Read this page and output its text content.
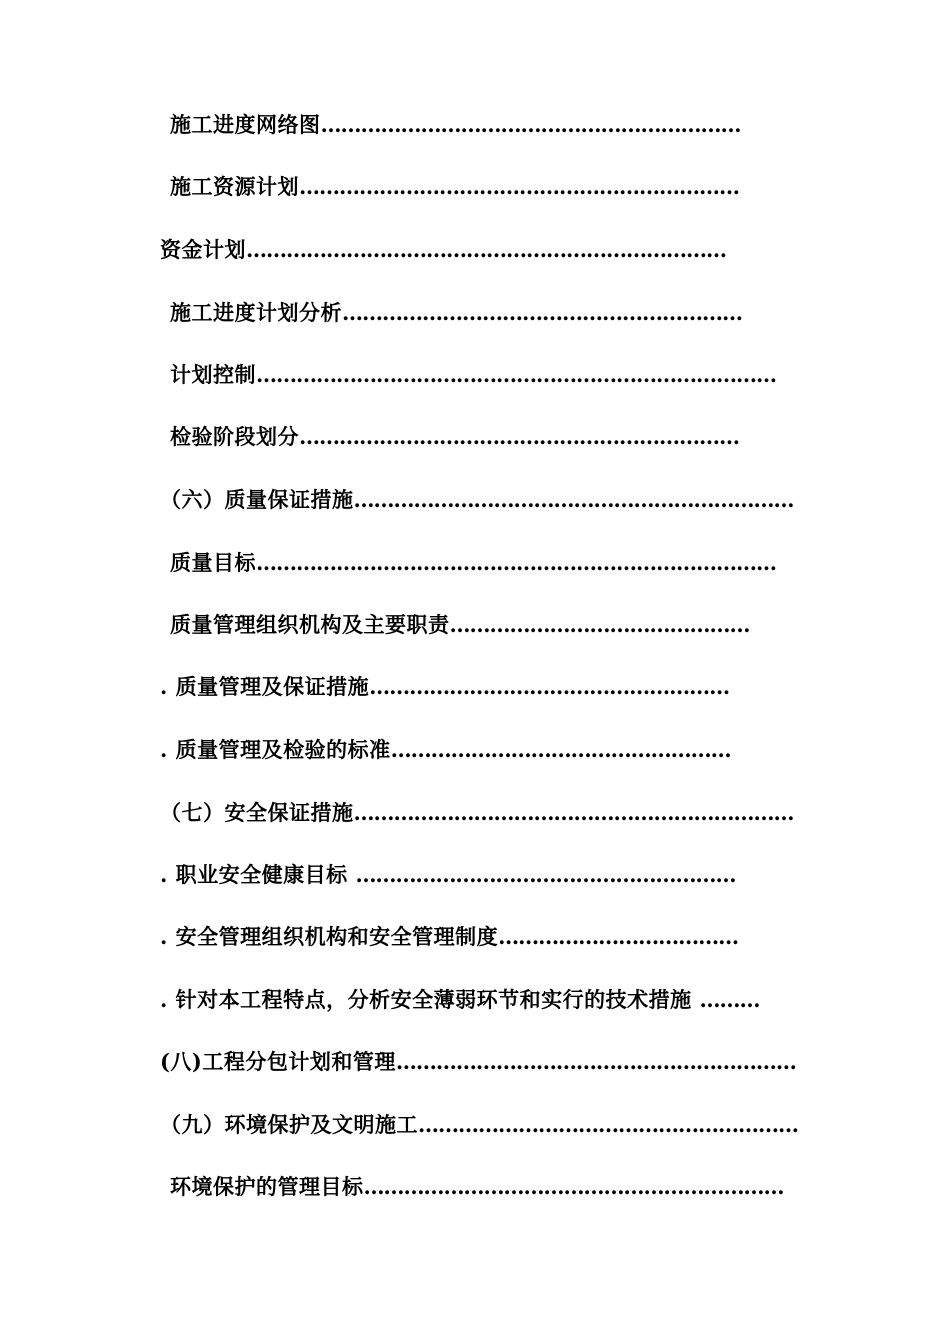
施工进度网络图………………………………………………………
施工资源计划…………………………………………………………
资金计划………………………………………………………………
施工进度计划分析……………………………………………………
计划控制……………………………………………………………………
检验阶段划分…………………………………………………………
（六）质量保证措施…………………………………………………………
质量目标……………………………………………………………………
质量管理组织机构及主要职责………………………………………
. 质量管理及保证措施………………………………………………
. 质量管理及检验的标准……………………………………………
（七）安全保证措施…………………………………………………………
. 职业安全健康目标 …………………………………………………
. 安全管理组织机构和安全管理制度………………………………
. 针对本工程特点，分析安全薄弱环节和实行的技术措施 ………
(八)工程分包计划和管理……………………………………………………
（九）环境保护及文明施工…………………………………………………
环境保护的管理目标………………………………………………………
